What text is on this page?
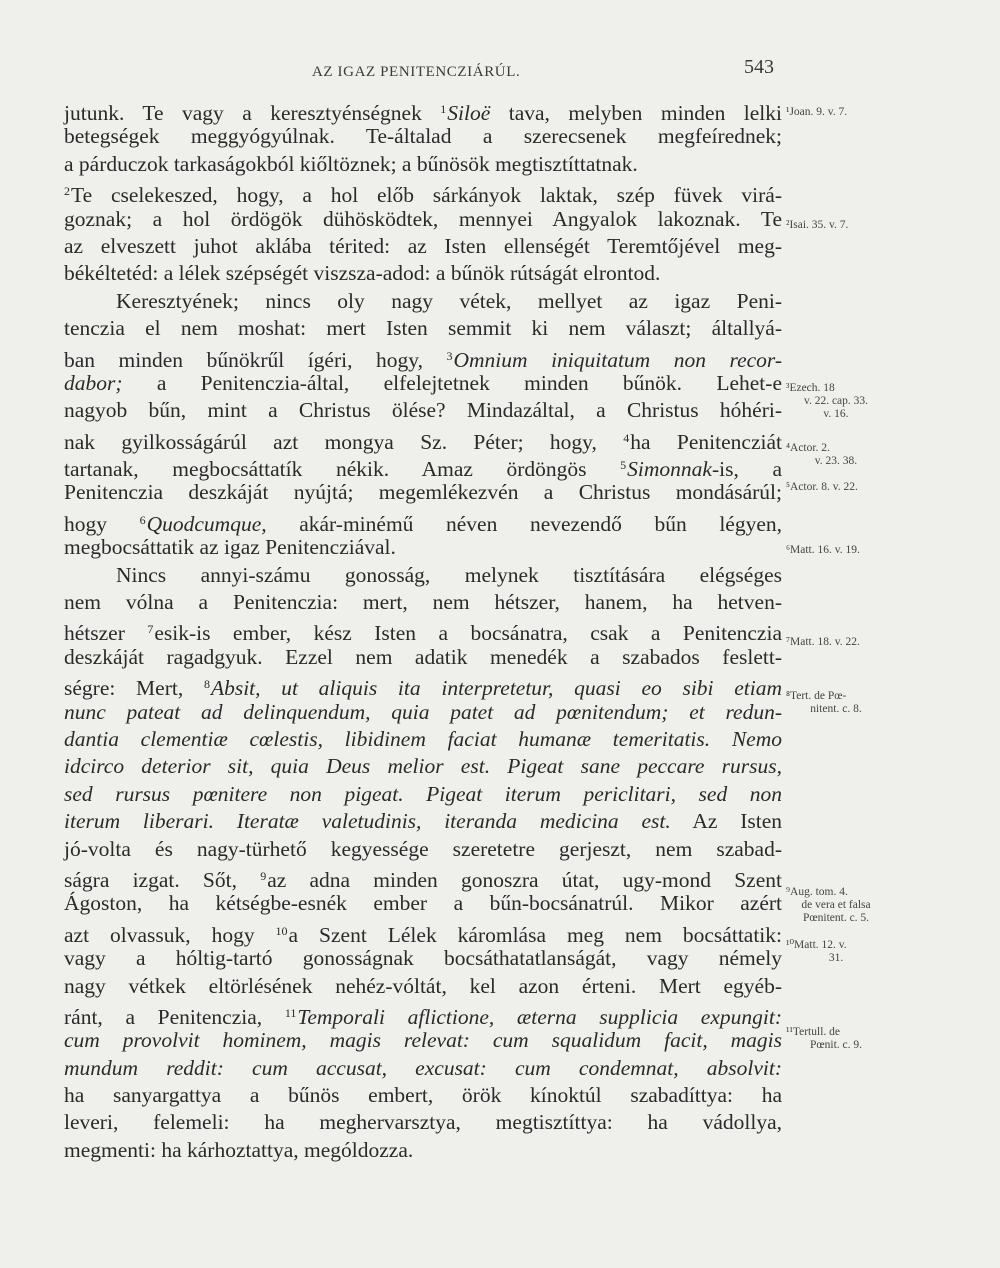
AZ IGAZ PENITENCZIÁRÚL.	543
jutunk. Te vagy a keresztyénségnek $^1$Siloë tava, melyben minden lelki
betegségek meggyógyúlnak. Te-általad a szerecsenek megfeírednek;
a párduczok tarkaságokból kiőltöznek; a bűnösök megtisztíttatnak.
$^2$Te cselekeszed, hogy, a hol előb sárkányok laktak, szép füvek virá-
goznak; a hol ördögök dühösködtek, mennyei Angyalok lakoznak. Te
az elveszett juhot aklába térited: az Isten ellenségét Teremtőjével meg-
békéltetéd: a lélek szépségét viszsza-adod: a bűnök rútságát elrontod.
Keresztyének; nincs oly nagy vétek, mellyet az igaz Peni-
tenczia el nem moshat: mert Isten semmit ki nem választ; általlyá-
ban minden bűnökrűl ígéri, hogy, $^3$Omnium iniquitatum non recor-
dabor; a Penitenczia-által, elfelejtetnek minden bűnök. Lehet-e
nagyob bűn, mint a Christus ölése? Mindazáltal, a Christus hóhéri-
nak gyilkosságárúl azt mongya Sz. Péter; hogy, $^4$ha Penitencziát
tartanak, megbocsáttatík nékik. Amaz ördöngös $^5$Simonnak-is, a
Penitenczia deszkáját nyújtá; megemlékezvén a Christus mondásárúl;
hogy $^6$Quodcumque, akár-minémű néven nevezendő bűn légyen,
megbocsáttatik az igaz Penitencziával.
Nincs annyi-számu gonosság, melynek tisztítására elégséges
nem vólna a Penitenczia: mert, nem hétszer, hanem, ha hetven-
hétszer $^7$esik-is ember, kész Isten a bocsánatra, csak a Penitenczia
deszkáját ragadgyuk. Ezzel nem adatik menedék a szabados feslett-
ségre: Mert, $^8$Absit, ut aliquis ita interpretetur, quasi eo sibi etiam
nunc pateat ad delinquendum, quia patet ad pœnitendum; et redun-
dantia clementiæ cœlestis, libidinem faciat humanæ temeritatis. Nemo
idcirco deterior sit, quia Deus melior est. Pigeat sane peccare rursus,
sed rursus pœnitere non pigeat. Pigeat iterum periclitari, sed non
iterum liberari. Iteratæ valetudinis, iteranda medicina est. Az Isten
jó-volta és nagy-türhető kegyessége szeretetre gerjeszt, nem szabad-
ságra izgat. Sőt, $^9$az adna minden gonoszra útat, ugy-mond Szent
Ágoston, ha kétségbe-esnék ember a bűn-bocsánatrúl. Mikor azért
azt olvassuk, hogy $^{10}$a Szent Lélek káromlása meg nem bocsáttatik:
vagy a hóltig-tartó gonosságnak bocsáthatatlanságát, vagy némely
nagy vétkek eltörlésének nehéz-vóltát, kel azon érteni. Mert egyéb-
ránt, a Penitenczia, $^{11}$Temporali aflictione, æterna supplicia expungit:
cum provolvit hominem, magis relevat: cum squalidum facit, magis
mundum reddit: cum accusat, excusat: cum condemnat, absolvit:
ha sanyargattya a bűnös embert, örök kínoktúl szabadíttya: ha
leveri, felemeli: ha meghervarsztya, megtisztíttya: ha vádollya,
megmenti: ha kárhoztattya, mególdozza.
¹Joan. 9. v. 7.
²Isai. 35. v. 7.
³Ezech. 18
v. 22. cap. 33.
v. 16.
⁴Actor. 2.
v. 23. 38.
⁵Actor. 8. v. 22.
⁶Matt. 16. v. 19.
⁷Matt. 18. v. 22.
⁸Tert. de Pœ-
nitent. c. 8.
⁹Aug. tom. 4.
de vera et falsa
Pœnitent. c. 5.
¹⁰Matt. 12. v.
31.
¹¹Tertull. de
Pœnit. c. 9.
